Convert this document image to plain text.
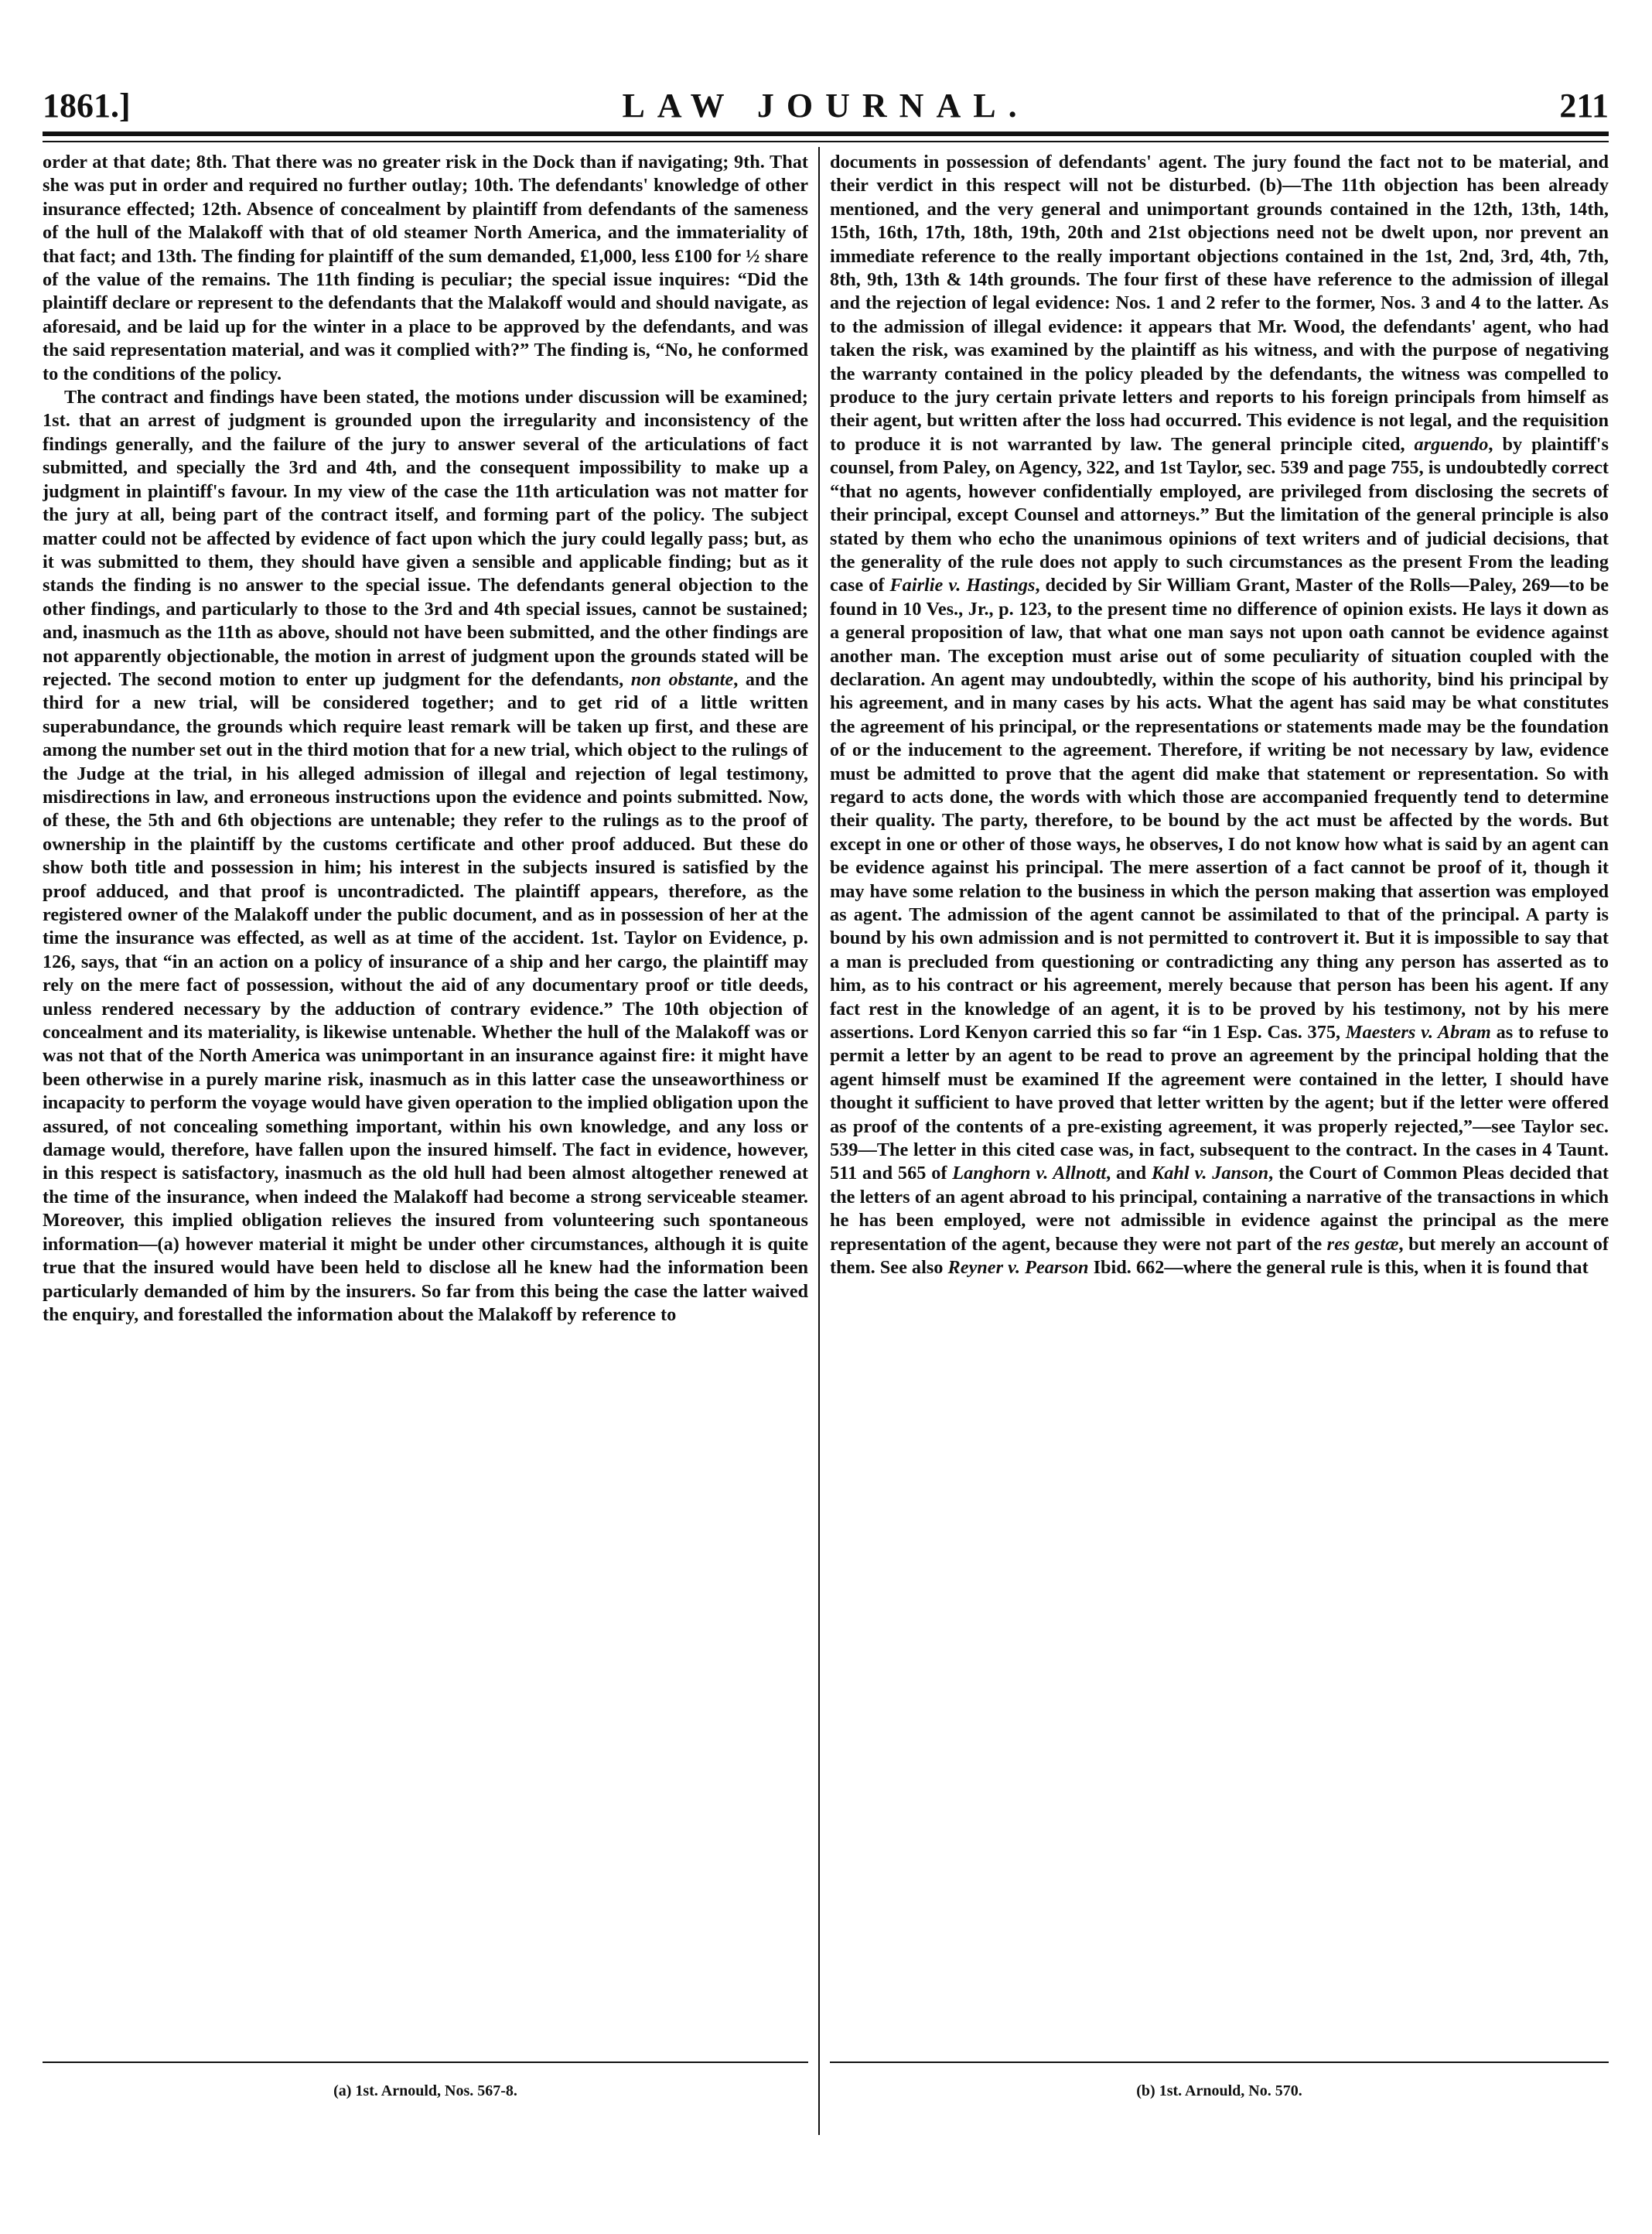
1861.]	LAW JOURNAL.	211

order at that date; 8th. That there was no greater risk in the Dock than if navigating; 9th. That she was put in order and required no further outlay; 10th. The defendants' knowledge of other insurance effected; 12th. Absence of concealment by plaintiff from defendants of the sameness of the hull of the Malakoff with that of old steamer North America, and the immateriality of that fact; and 13th. The finding for plaintiff of the sum demanded, £1,000, less £100 for ½ share of the value of the remains. The 11th finding is peculiar; the special issue inquires: “Did the plaintiff declare or represent to the defendants that the Malakoff would and should navigate, as aforesaid, and be laid up for the winter in a place to be approved by the defendants, and was the said representation material, and was it complied with?” The finding is, “No, he conformed to the conditions of the policy.

The contract and findings have been stated, the motions under discussion will be examined; 1st. that an arrest of judgment is grounded upon the irregularity and inconsistency of the findings generally, and the failure of the jury to answer several of the articulations of fact submitted, and specially the 3rd and 4th, and the consequent impossibility to make up a judgment in plaintiff's favour. In my view of the case the 11th articulation was not matter for the jury at all, being part of the contract itself, and forming part of the policy. The subject matter could not be affected by evidence of fact upon which the jury could legally pass; but, as it was submitted to them, they should have given a sensible and applicable finding; but as it stands the finding is no answer to the special issue. The defendants general objection to the other findings, and particularly to those to the 3rd and 4th special issues, cannot be sustained; and, inasmuch as the 11th as above, should not have been submitted, and the other findings are not apparently objectionable, the motion in arrest of judgment upon the grounds stated will be rejected. The second motion to enter up judgment for the defendants, non obstante, and the third for a new trial, will be considered together; and to get rid of a little written superabundance, the grounds which require least remark will be taken up first, and these are among the number set out in the third motion that for a new trial, which object to the rulings of the Judge at the trial, in his alleged admission of illegal and rejection of legal testimony, misdirections in law, and erroneous instructions upon the evidence and points submitted. Now, of these, the 5th and 6th objections are untenable; they refer to the rulings as to the proof of ownership in the plaintiff by the customs certificate and other proof adduced. But these do show both title and possession in him; his interest in the subjects insured is satisfied by the proof adduced, and that proof is uncontradicted. The plaintiff appears, therefore, as the registered owner of the Malakoff under the public document, and as in possession of her at the time the insurance was effected, as well as at time of the accident. 1st. Taylor on Evidence, p. 126, says, that “in an action on a policy of insurance of a ship and her cargo, the plaintiff may rely on the mere fact of possession, without the aid of any documentary proof or title deeds, unless rendered necessary by the adduction of contrary evidence.” The 10th objection of concealment and its materiality, is likewise untenable. Whether the hull of the Malakoff was or was not that of the North America was unimportant in an insurance against fire: it might have been otherwise in a purely marine risk, inasmuch as in this latter case the unseaworthiness or incapacity to perform the voyage would have given operation to the implied obligation upon the assured, of not concealing something important, within his own knowledge, and any loss or damage would, therefore, have fallen upon the insured himself. The fact in evidence, however, in this respect is satisfactory, inasmuch as the old hull had been almost altogether renewed at the time of the insurance, when indeed the Malakoff had become a strong serviceable steamer. Moreover, this implied obligation relieves the insured from volunteering such spontaneous information—(a) however material it might be under other circumstances, although it is quite true that the insured would have been held to disclose all he knew had the information been particularly demanded of him by the insurers. So far from this being the case the latter waived the enquiry, and forestalled the information about the Malakoff by reference to

documents in possession of defendants' agent. The jury found the fact not to be material, and their verdict in this respect will not be disturbed. (b)—The 11th objection has been already mentioned, and the very general and unimportant grounds contained in the 12th, 13th, 14th, 15th, 16th, 17th, 18th, 19th, 20th and 21st objections need not be dwelt upon, nor prevent an immediate reference to the really important objections contained in the 1st, 2nd, 3rd, 4th, 7th, 8th, 9th, 13th & 14th grounds. The four first of these have reference to the admission of illegal and the rejection of legal evidence: Nos. 1 and 2 refer to the former, Nos. 3 and 4 to the latter. As to the admission of illegal evidence: it appears that Mr. Wood, the defendants' agent, who had taken the risk, was examined by the plaintiff as his witness, and with the purpose of negativing the warranty contained in the policy pleaded by the defendants, the witness was compelled to produce to the jury certain private letters and reports to his foreign principals from himself as their agent, but written after the loss had occurred. This evidence is not legal, and the requisition to produce it is not warranted by law. The general principle cited, arguendo, by plaintiff's counsel, from Paley, on Agency, 322, and 1st Taylor, sec. 539 and page 755, is undoubtedly correct “that no agents, however confidentially employed, are privileged from disclosing the secrets of their principal, except Counsel and attorneys.” But the limitation of the general principle is also stated by them who echo the unanimous opinions of text writers and of judicial decisions, that the generality of the rule does not apply to such circumstances as the present From the leading case of Fairlie v. Hastings, decided by Sir William Grant, Master of the Rolls—Paley, 269—to be found in 10 Ves., Jr., p. 123, to the present time no difference of opinion exists. He lays it down as a general proposition of law, that what one man says not upon oath cannot be evidence against another man. The exception must arise out of some peculiarity of situation coupled with the declaration. An agent may undoubtedly, within the scope of his authority, bind his principal by his agreement, and in many cases by his acts. What the agent has said may be what constitutes the agreement of his principal, or the representations or statements made may be the foundation of or the inducement to the agreement. Therefore, if writing be not necessary by law, evidence must be admitted to prove that the agent did make that statement or representation. So with regard to acts done, the words with which those are accompanied frequently tend to determine their quality. The party, therefore, to be bound by the act must be affected by the words. But except in one or other of those ways, he observes, I do not know how what is said by an agent can be evidence against his principal. The mere assertion of a fact cannot be proof of it, though it may have some relation to the business in which the person making that assertion was employed as agent. The admission of the agent cannot be assimilated to that of the principal. A party is bound by his own admission and is not permitted to controvert it. But it is impossible to say that a man is precluded from questioning or contradicting any thing any person has asserted as to him, as to his contract or his agreement, merely because that person has been his agent. If any fact rest in the knowledge of an agent, it is to be proved by his testimony, not by his mere assertions. Lord Kenyon carried this so far “in 1 Esp. Cas. 375, Maesters v. Abram as to refuse to permit a letter by an agent to be read to prove an agreement by the principal holding that the agent himself must be examined If the agreement were contained in the letter, I should have thought it sufficient to have proved that letter written by the agent; but if the letter were offered as proof of the contents of a pre-existing agreement, it was properly rejected,”—see Taylor sec. 539—The letter in this cited case was, in fact, subsequent to the contract. In the cases in 4 Taunt. 511 and 565 of Langhorn v. Allnott, and Kahl v. Janson, the Court of Common Pleas decided that the letters of an agent abroad to his principal, containing a narrative of the transactions in which he has been employed, were not admissible in evidence against the principal as the mere representation of the agent, because they were not part of the res gestæ, but merely an account of them. See also Reyner v. Pearson Ibid. 662—where the general rule is this, when it is found that

(a) 1st. Arnould, Nos. 567-8.	(b) 1st. Arnould, No. 570.
